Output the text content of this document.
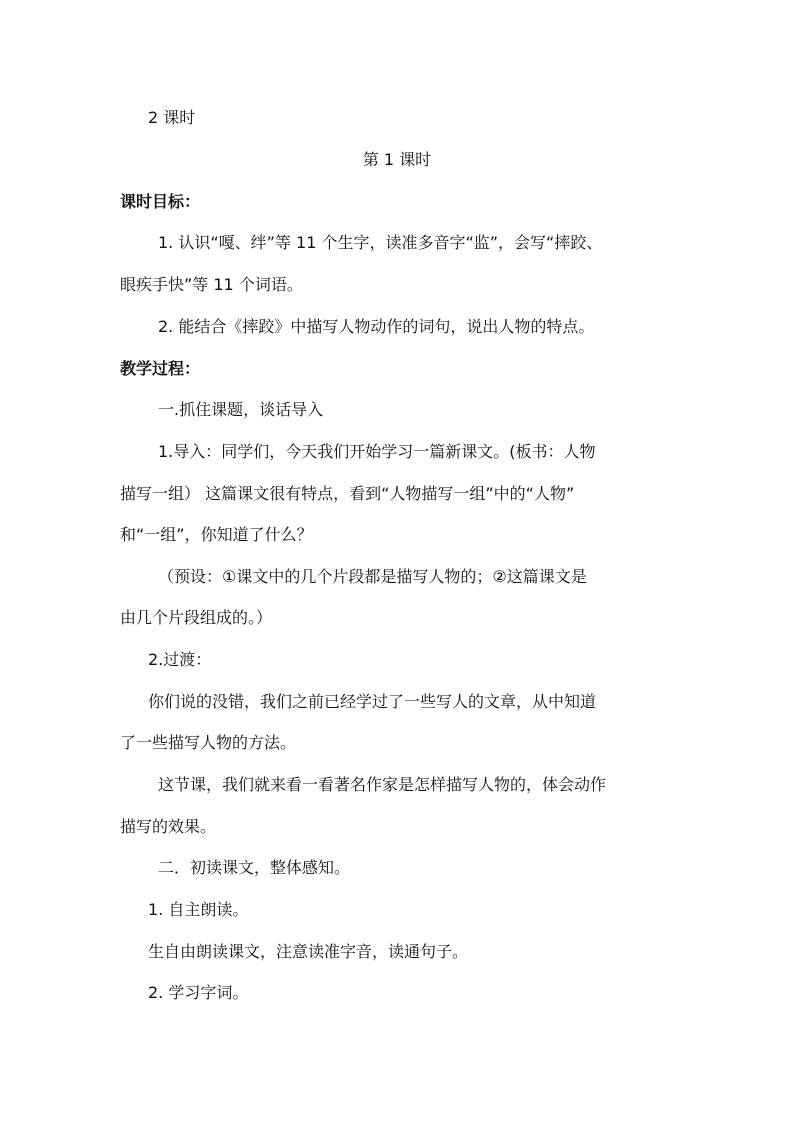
2 课时
第 1 课时
课时目标：
1. 认识“嘎、绊”等 11 个生字，读准多音字“监”，会写“摔跤、
眼疾手快”等 11 个词语。
2. 能结合《摔跤》中描写人物动作的词句，说出人物的特点。
教学过程：
一.抓住课题，谈话导入
1.导入：同学们，今天我们开始学习一篇新课文。(板书：人物
描写一组） 这篇课文很有特点，看到“人物描写一组”中的“人物”
和“一组”，你知道了什么？
（预设：①课文中的几个片段都是描写人物的；②这篇课文是
由几个片段组成的。）
2.过渡：
你们说的没错，我们之前已经学过了一些写人的文章，从中知道
了一些描写人物的方法。
这节课，我们就来看一看著名作家是怎样描写人物的，体会动作
描写的效果。
二．初读课文，整体感知。
1. 自主朗读。
生自由朗读课文，注意读准字音，读通句子。
2. 学习字词。
